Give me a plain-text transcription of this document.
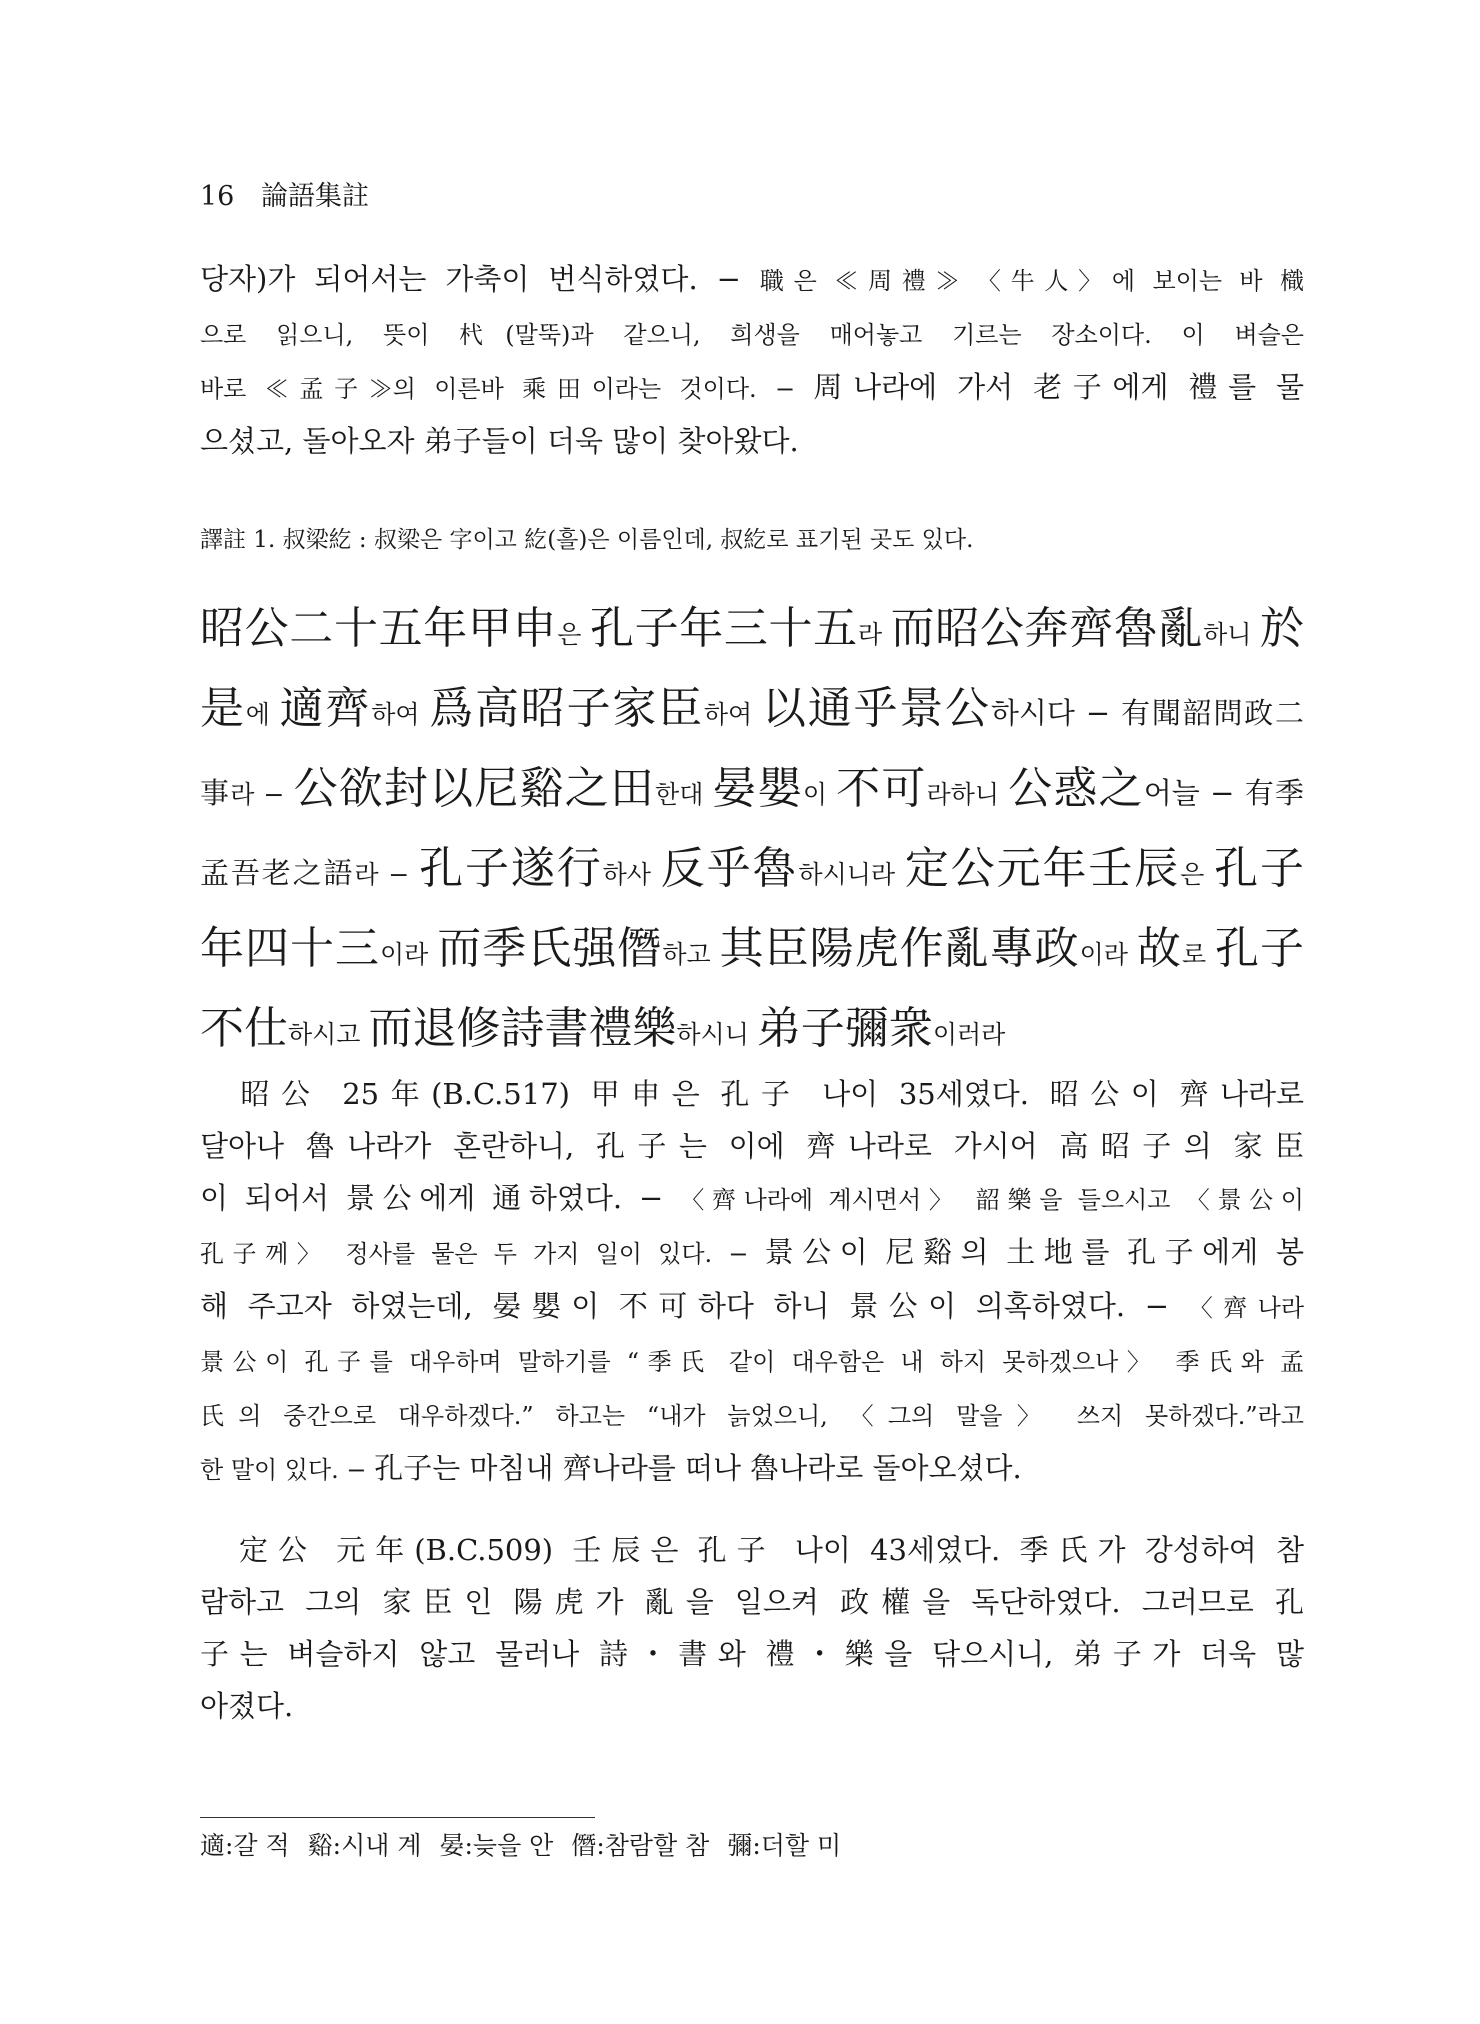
16 論語集註
당자)가 되어서는 가축이 번식하였다. − 職은 ≪周禮≫ 〈牛人〉에 보이는 바 樴
으로 읽으니, 뜻이 杙(말뚝)과 같으니, 희생을 매어놓고 기르는 장소이다. 이 벼슬은
바로 ≪孟子≫의 이른바 乘田이라는 것이다. − 周나라에 가서 老子에게 禮를 물
으셨고, 돌아오자 弟子들이 더욱 많이 찾아왔다.
譯註 1. 叔梁紇 : 叔梁은 字이고 紇(흘)은 이름인데, 叔紇로 표기된 곳도 있다.
昭公二十五年甲申은 孔子年三十五라 而昭公奔齊魯亂하니 於
是에 適齊하여 爲高昭子家臣하여 以通乎景公하시다 − 有聞韶問政二
事라 − 公欲封以尼谿之田한대 晏嬰이 不可라하니 公惑之어늘 − 有季
孟吾老之語라 − 孔子遂行하사 反乎魯하시니라 定公元年壬辰은 孔子
年四十三이라 而季氏强僭하고 其臣陽虎作亂專政이라 故로 孔子
不仕하시고 而退修詩書禮樂하시니 弟子彌衆이러라
　昭公 25年(B.C.517) 甲申은 孔子 나이 35세였다. 昭公이 齊나라로
달아나 魯나라가 혼란하니, 孔子는 이에 齊나라로 가시어 高昭子의 家臣
이 되어서 景公에게 通하였다. − 〈齊나라에 계시면서〉 韶樂을 들으시고 〈景公이
孔子께〉 정사를 물은 두 가지 일이 있다. − 景公이 尼谿의 土地를 孔子에게 봉
해 주고자 하였는데, 晏嬰이 不可하다 하니 景公이 의혹하였다. − 〈齊나라
景公이 孔子를 대우하며 말하기를 “季氏 같이 대우함은 내 하지 못하겠으나〉 季氏와 孟
氏의 중간으로 대우하겠다.” 하고는 “내가 늙었으니, 〈그의 말을〉 쓰지 못하겠다.”라고
한 말이 있다. − 孔子는 마침내 齊나라를 떠나 魯나라로 돌아오셨다.
　定公 元年(B.C.509) 壬辰은 孔子 나이 43세였다. 季氏가 강성하여 참
람하고 그의 家臣인 陽虎가 亂을 일으켜 政權을 독단하였다. 그러므로 孔
子는 벼슬하지 않고 물러나 詩・書와 禮・樂을 닦으시니, 弟子가 더욱 많
아졌다.
適:갈 적 谿:시내 계 晏:늦을 안 僭:참람할 참 彌:더할 미
